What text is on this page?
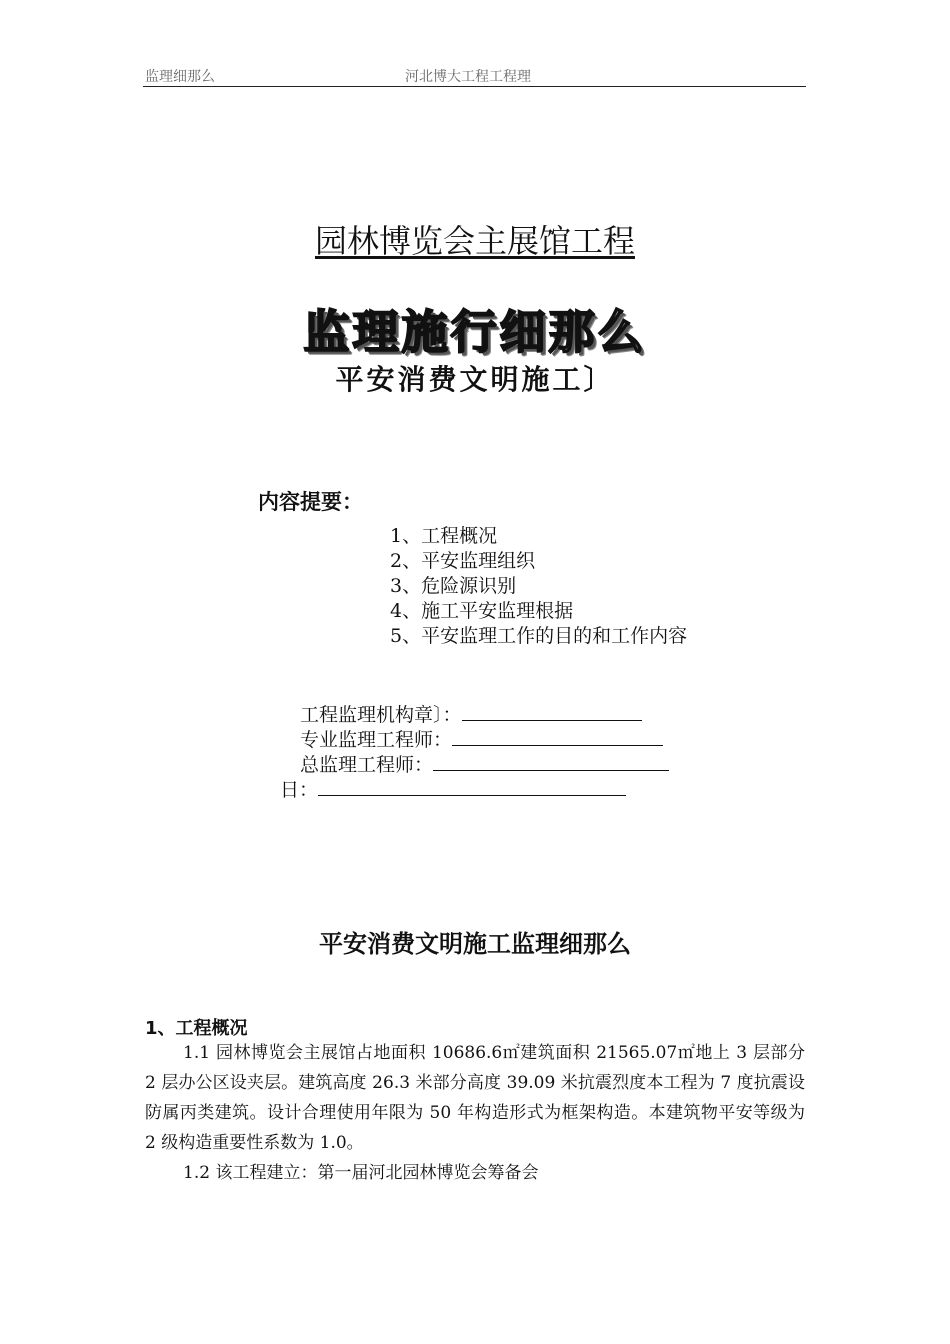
监理细那么	河北博大工程工程理
园林博览会主展馆工程
监理施行细那么
平安消费文明施工〕
内容提要：
1、工程概况
2、平安监理组织
3、危险源识别
4、施工平安监理根据
5、平安监理工作的目的和工作内容
工程监理机构章〕：
专业监理工程师：
总监理工程师：
日：
平安消费文明施工监理细那么
1、工程概况

1.1 园林博览会主展馆占地面积 10686.6㎡建筑面积 21565.07㎡地上 3 层部分 2 层办公区设夹层。建筑高度 26.3 米部分高度 39.09 米抗震烈度本工程为 7 度抗震设防属丙类建筑。设计合理使用年限为 50 年构造形式为框架构造。本建筑物平安等级为 2 级构造重要性系数为 1.0。

1.2 该工程建立：第一届河北园林博览会筹备会
